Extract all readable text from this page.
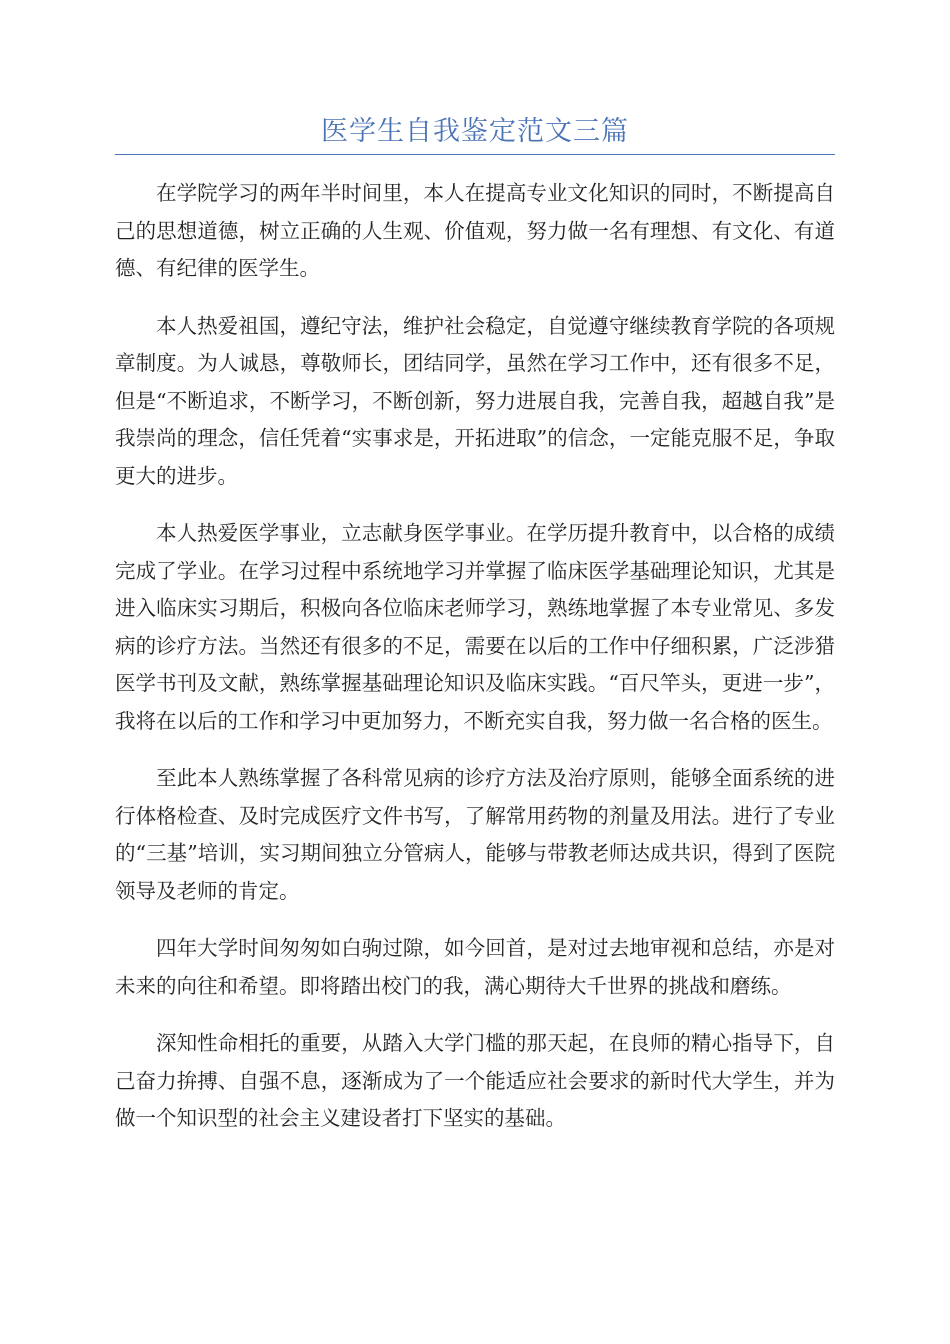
医学生自我鉴定范文三篇

在学院学习的两年半时间里，本人在提高专业文化知识的同时，不断提高自己的思想道德，树立正确的人生观、价值观，努力做一名有理想、有文化、有道德、有纪律的医学生。

本人热爱祖国，遵纪守法，维护社会稳定，自觉遵守继续教育学院的各项规章制度。为人诚恳，尊敬师长，团结同学，虽然在学习工作中，还有很多不足，但是“不断追求，不断学习，不断创新，努力进展自我，完善自我，超越自我”是我崇尚的理念，信任凭着“实事求是，开拓进取”的信念，一定能克服不足，争取更大的进步。

本人热爱医学事业，立志献身医学事业。在学历提升教育中，以合格的成绩完成了学业。在学习过程中系统地学习并掌握了临床医学基础理论知识，尤其是进入临床实习期后，积极向各位临床老师学习，熟练地掌握了本专业常见、多发病的诊疗方法。当然还有很多的不足，需要在以后的工作中仔细积累，广泛涉猎医学书刊及文献，熟练掌握基础理论知识及临床实践。“百尺竿头，更进一步”，我将在以后的工作和学习中更加努力，不断充实自我，努力做一名合格的医生。

至此本人熟练掌握了各科常见病的诊疗方法及治疗原则，能够全面系统的进行体格检查、及时完成医疗文件书写，了解常用药物的剂量及用法。进行了专业的“三基”培训，实习期间独立分管病人，能够与带教老师达成共识，得到了医院领导及老师的肯定。

四年大学时间匆匆如白驹过隙，如今回首，是对过去地审视和总结，亦是对未来的向往和希望。即将踏出校门的我，满心期待大千世界的挑战和磨练。

深知性命相托的重要，从踏入大学门槛的那天起，在良师的精心指导下，自己奋力拚搏、自强不息，逐渐成为了一个能适应社会要求的新时代大学生，并为做一个知识型的社会主义建设者打下坚实的基础。
